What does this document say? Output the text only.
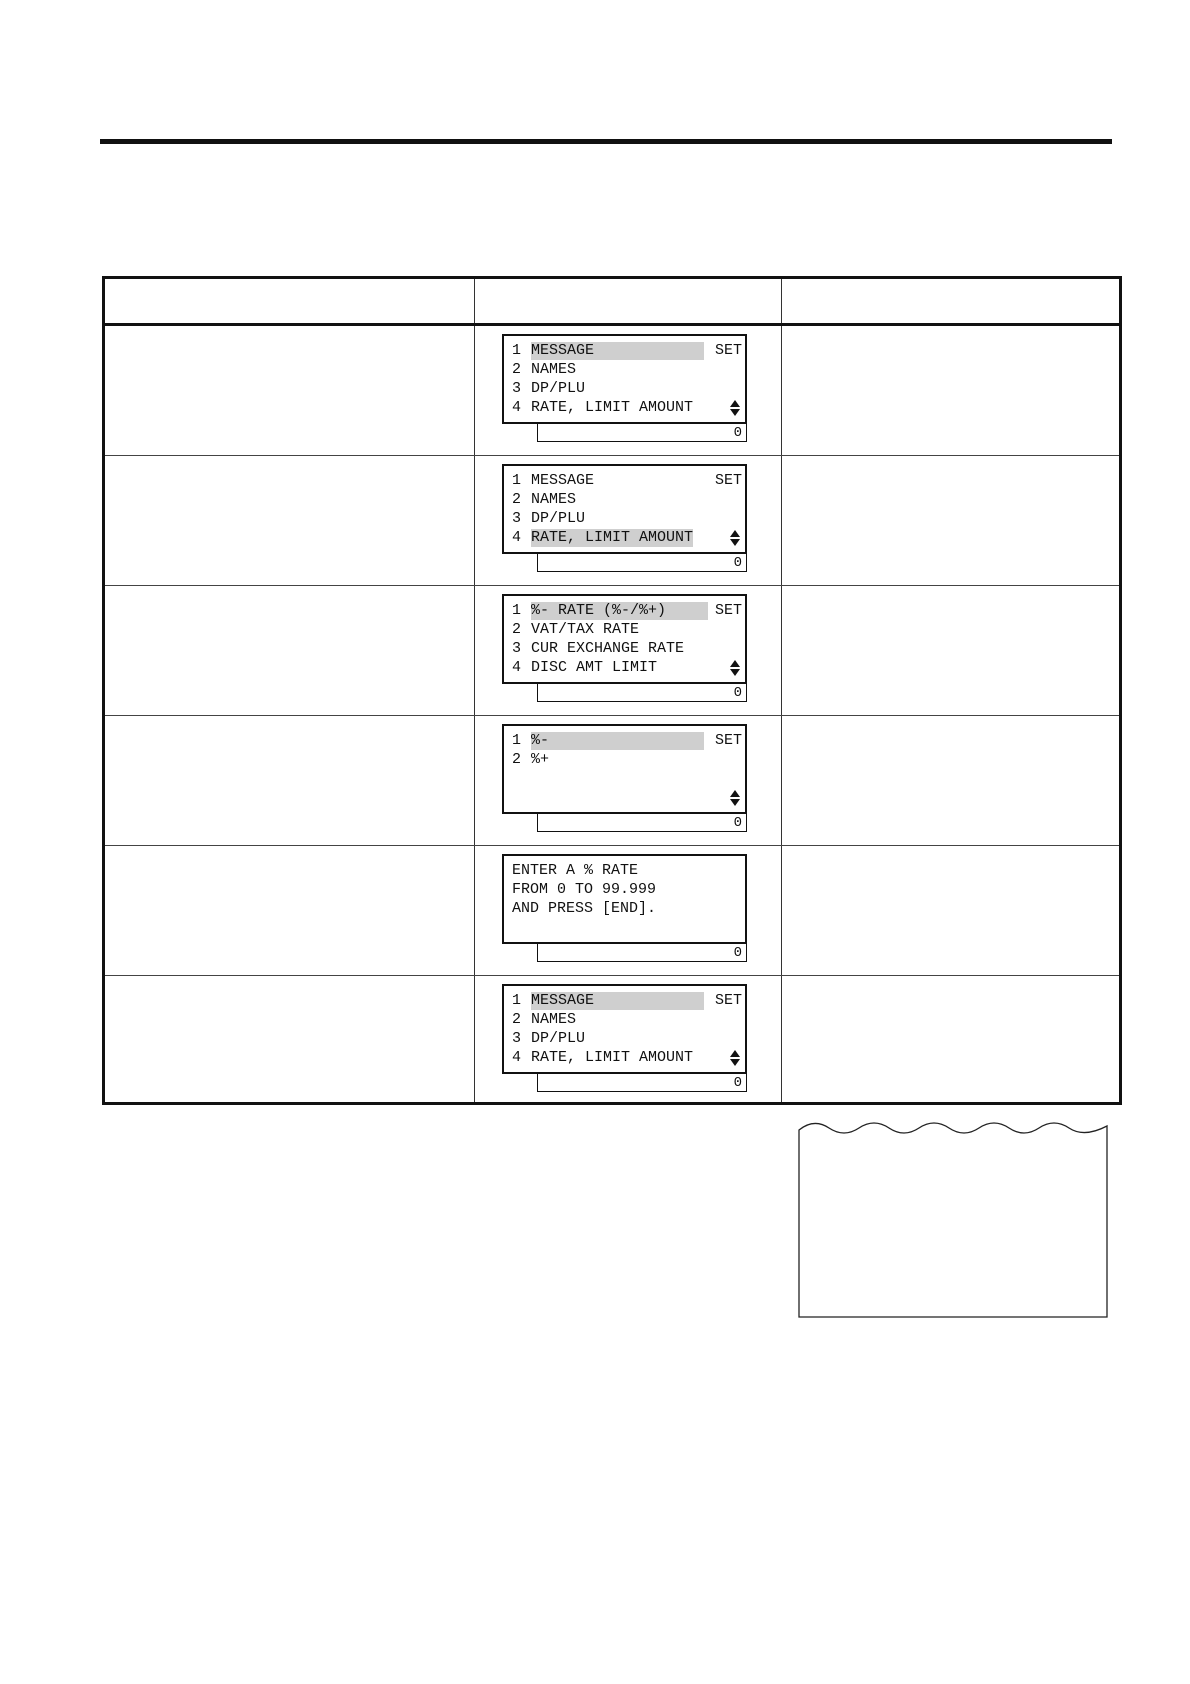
1 MESSAGE
2 NAMES
3 DP/PLU
4 RATE, LIMIT AMOUNT
SET
0
1 MESSAGE
2 NAMES
3 DP/PLU
4 RATE, LIMIT AMOUNT
SET
0
1 %- RATE (%-/%+)
2 VAT/TAX RATE
3 CUR EXCHANGE RATE
4 DISC AMT LIMIT
SET
0
1 %-
2 %+
SET
0
ENTER A % RATE
FROM 0 TO 99.999
AND PRESS [END].
0
1 MESSAGE
2 NAMES
3 DP/PLU
4 RATE, LIMIT AMOUNT
SET
0
